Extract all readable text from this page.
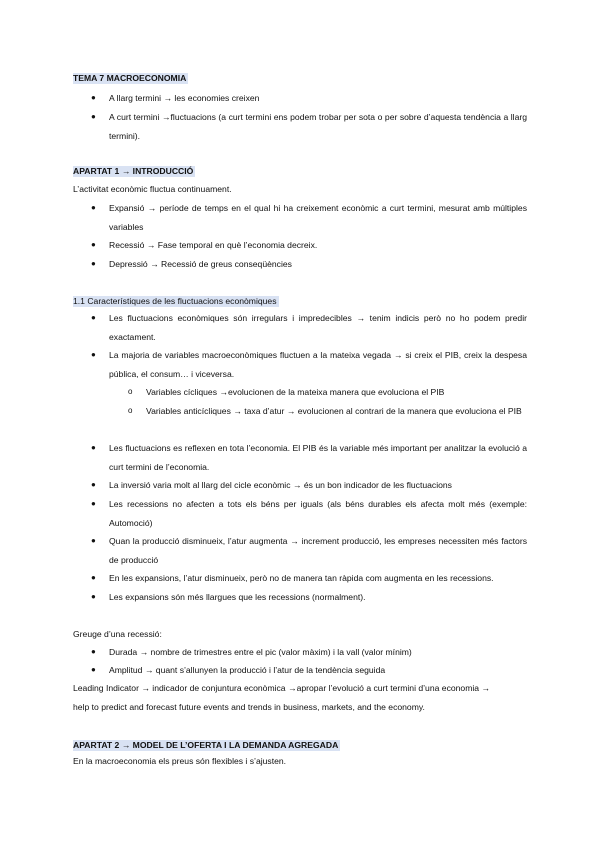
TEMA 7 MACROECONOMIA
● A llarg termini → les economies creixen
● A curt termini →fluctuacions (a curt termini ens podem trobar per sota o per sobre d’aquesta tendència a llarg termini).
APARTAT 1 → INTRODUCCIÓ
L’activitat econòmic fluctua continuament.
● Expansió → període de temps en el qual hi ha creixement econòmic a curt termini, mesurat amb múltiples variables
● Recessió → Fase temporal en què l’economia decreix.
● Depressió → Recessió de greus conseqüències
1.1 Característiques de les fluctuacions econòmiques
● Les fluctuacions econòmiques són irregulars i impredecibles → tenim indicis però no ho podem predir exactament.
● La majoria de variables macroeconòmiques fluctuen a la mateixa vegada → si creix el PIB, creix la despesa pública, el consum… i viceversa.
o Variables cícliques →evolucionen de la mateixa manera que evoluciona el PIB
o Variables anticícliques → taxa d’atur → evolucionen al contrari de la manera que evoluciona el PIB
● Les fluctuacions es reflexen en tota l’economia. El PIB és la variable més important per analitzar la evolució a curt termini de l’economia.
● La inversió varia molt al llarg del cicle econòmic → és un bon indicador de les fluctuacions
● Les recessions no afecten a tots els béns per iguals (als béns durables els afecta molt més (exemple: Automoció)
● Quan la producció disminueix, l’atur augmenta → increment producció, les empreses necessiten més factors de producció
● En les expansions, l’atur disminueix, però no de manera tan ràpida com augmenta en les recessions.
● Les expansions són més llargues que les recessions (normalment).
Greuge d’una recessió:
● Durada → nombre de trimestres entre el pic (valor màxim) i la vall (valor mínim)
● Amplitud → quant s’allunyen la producció i l’atur de la tendència seguida
Leading Indicator → indicador de conjuntura econòmica →apropar l’evolució a curt termini d’una economia →
help to predict and forecast future events and trends in business, markets, and the economy.
APARTAT 2 → MODEL DE L’OFERTA I LA DEMANDA AGREGADA
En la macroeconomia els preus són flexibles i s’ajusten.
